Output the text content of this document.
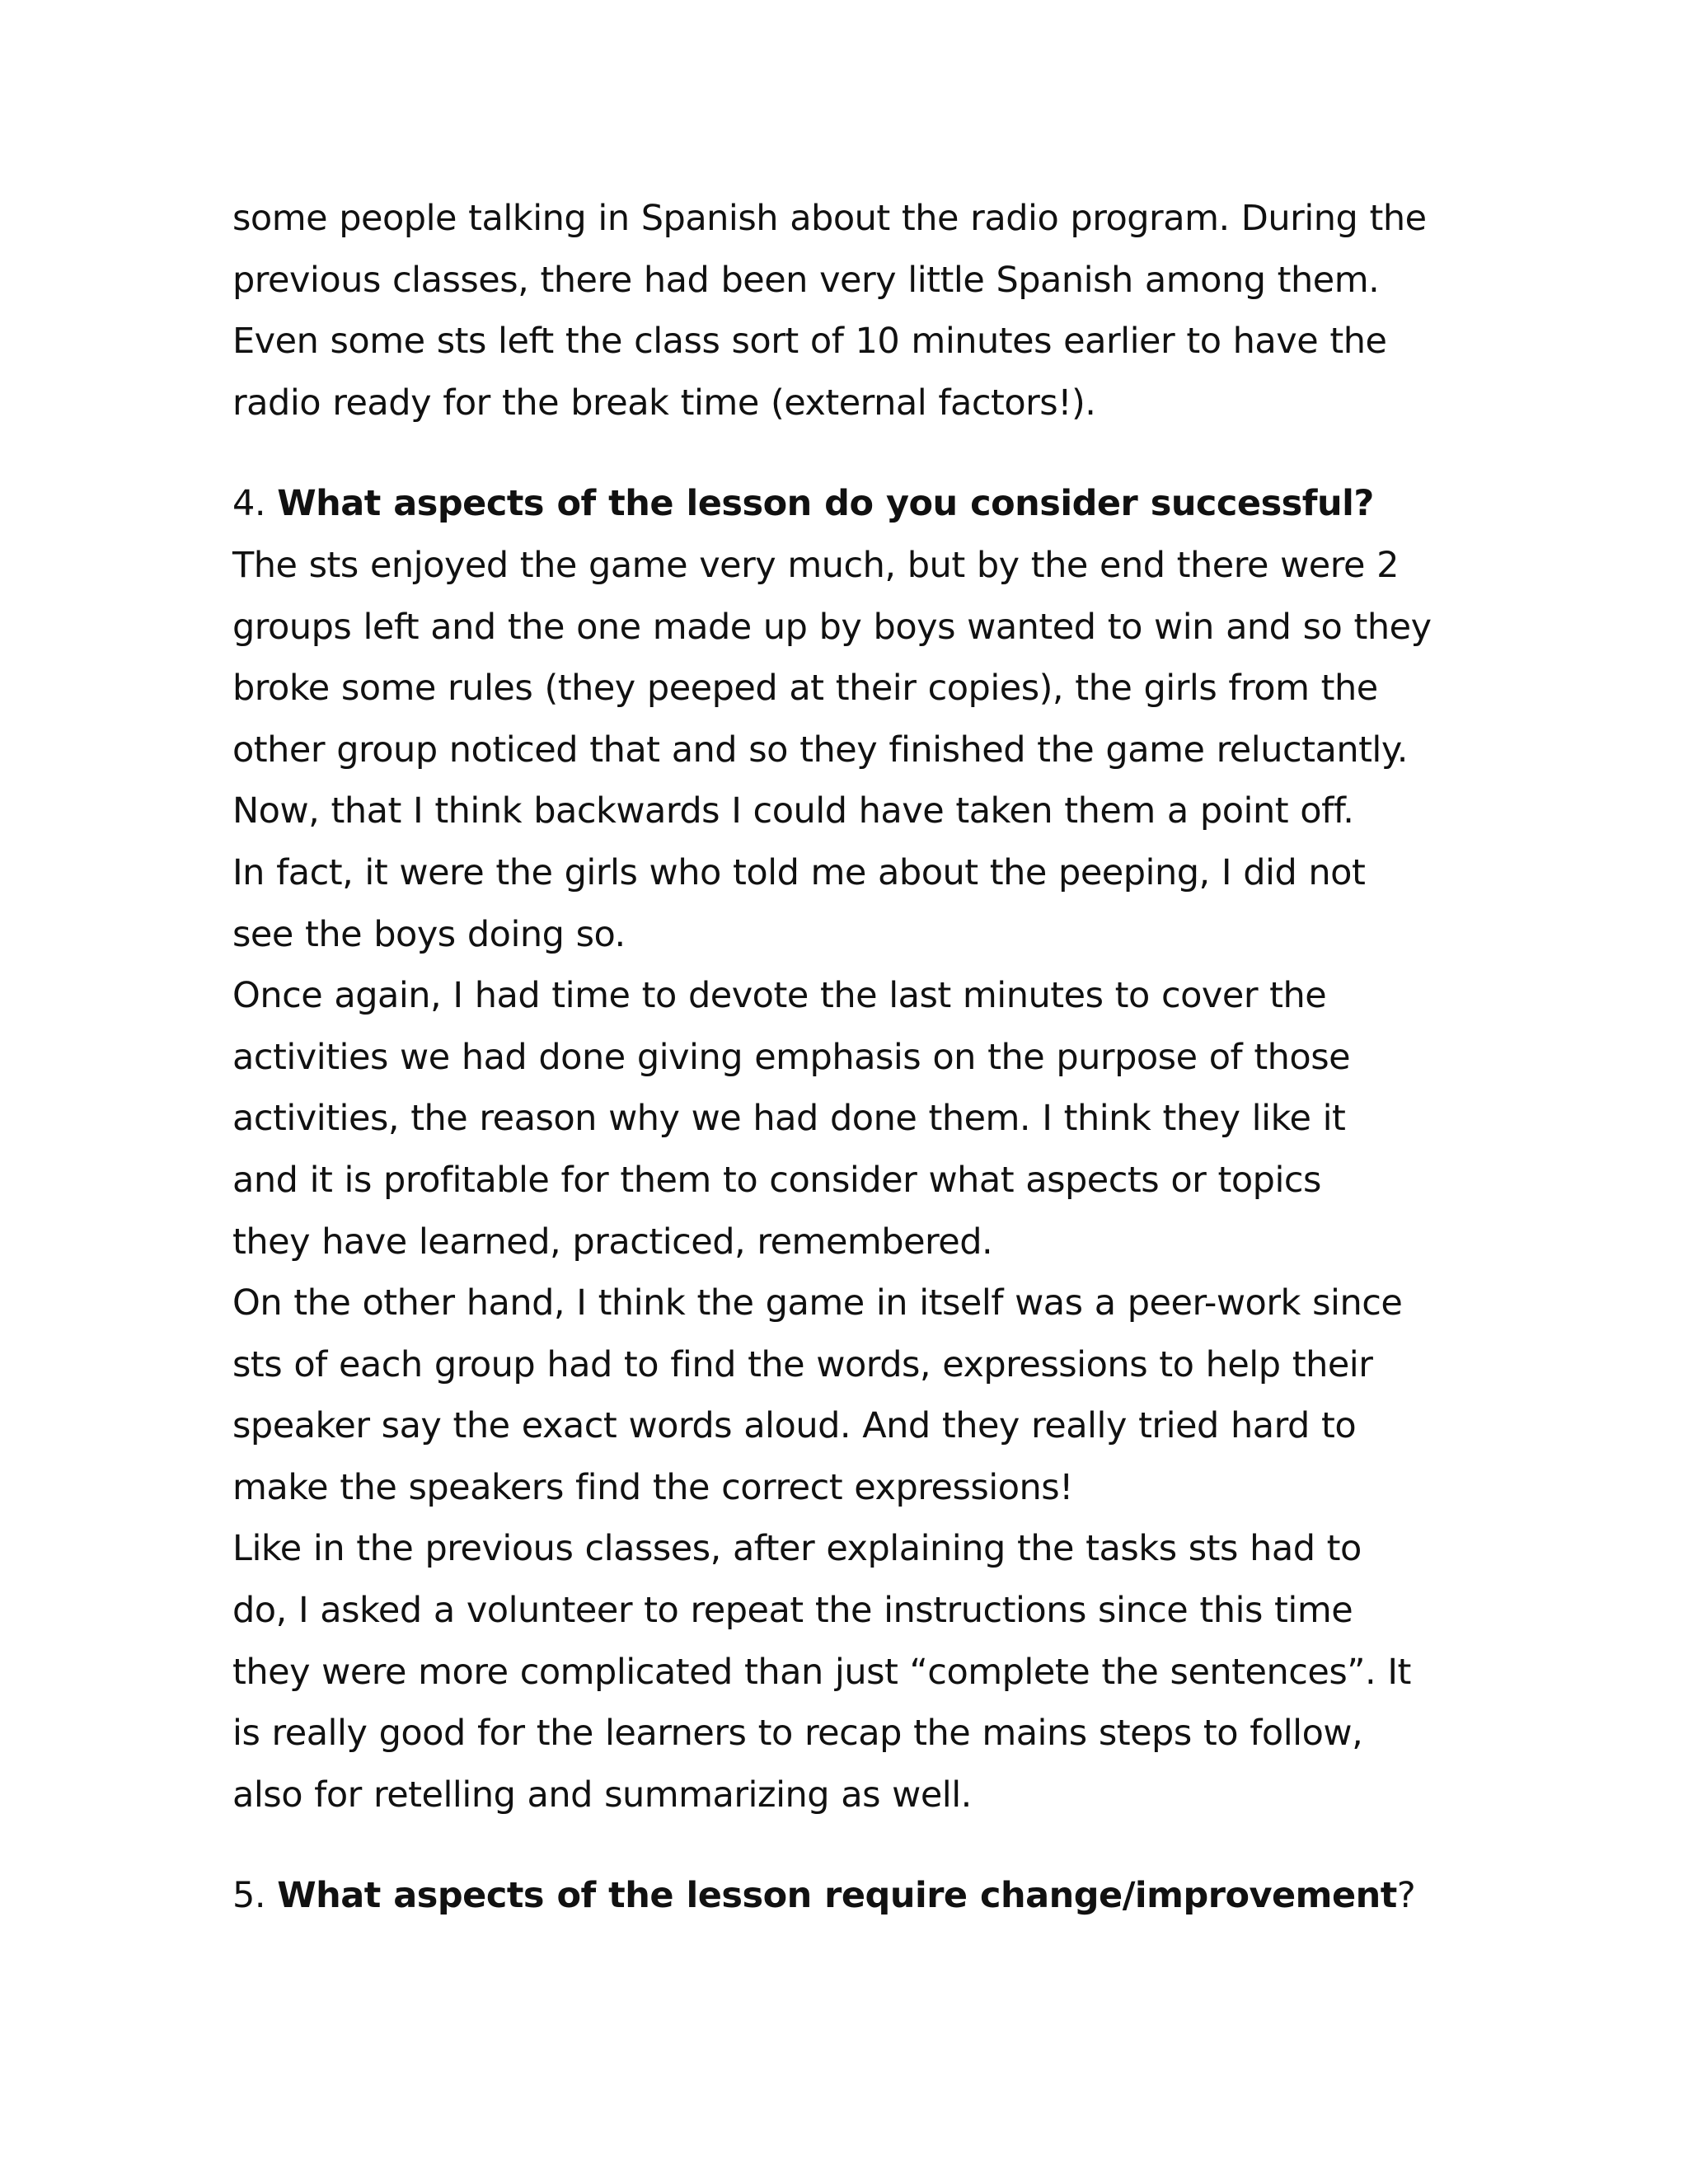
some people talking in Spanish about the radio program. During the
previous classes, there had been very little Spanish among them.
Even some sts left the class sort of 10 minutes earlier to have the
radio ready for the break time (external factors!).
4. What aspects of the lesson do you consider successful?
The sts enjoyed the game very much, but by the end there were 2
groups left and the one made up by boys wanted to win and so they
broke some rules (they peeped at their copies), the girls from the
other group noticed that and so they finished the game reluctantly.
Now, that I think backwards I could have taken them a point off.
In fact, it were the girls who told me about the peeping, I did not
see the boys doing so.
Once again, I had time to devote the last minutes to cover the
activities we had done giving emphasis on the purpose of those
activities, the reason why we had done them. I think they like it
and it is profitable for them to consider what aspects or topics
they have learned, practiced, remembered.
On the other hand, I think the game in itself was a peer-work since
sts of each group had to find the words, expressions to help their
speaker say the exact words aloud. And they really tried hard to
make the speakers find the correct expressions!
Like in the previous classes, after explaining the tasks sts had to
do, I asked a volunteer to repeat the instructions since this time
they were more complicated than just “complete the sentences”. It
is really good for the learners to recap the mains steps to follow,
also for retelling and summarizing as well.
5. What aspects of the lesson require change/improvement?
